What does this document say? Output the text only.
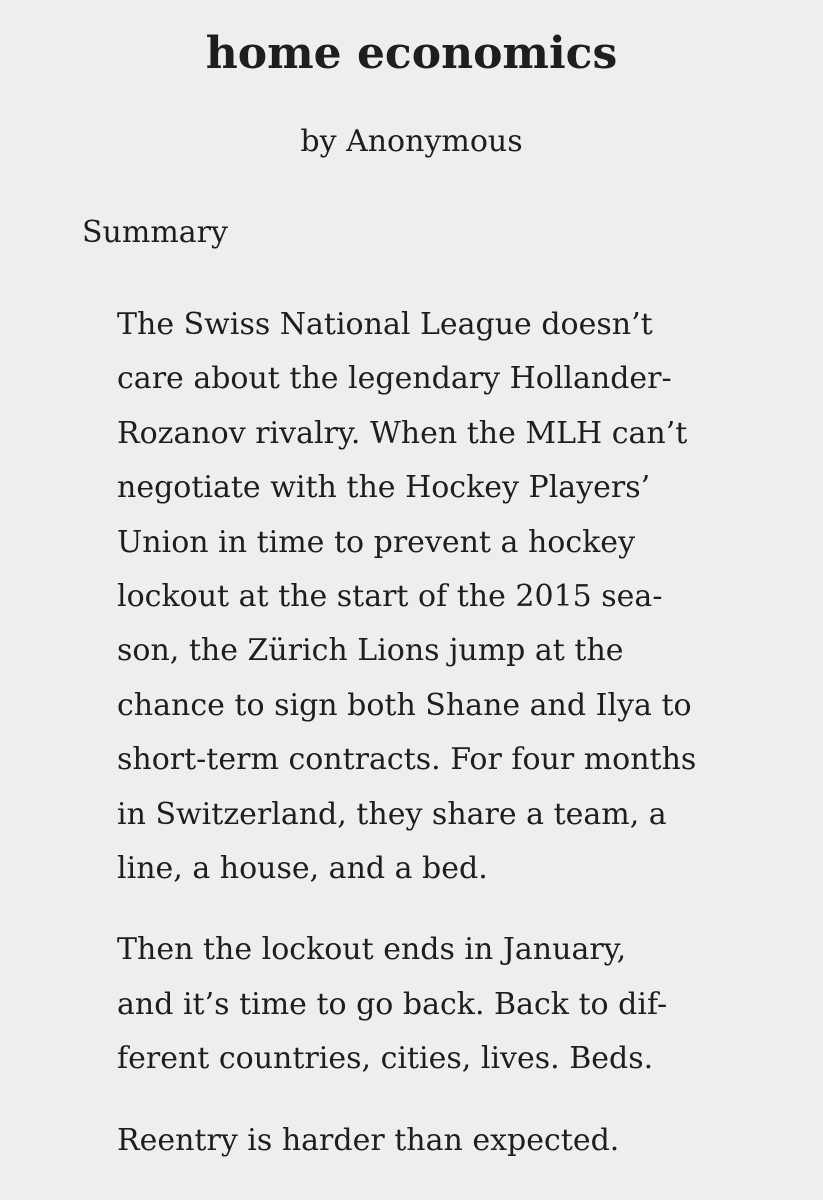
home economics

by Anonymous

Summary

The Swiss National League doesn’t
care about the legendary Hollander-
Rozanov rivalry. When the MLH can’t
negotiate with the Hockey Players’
Union in time to prevent a hockey
lockout at the start of the 2015 sea-
son, the Zürich Lions jump at the
chance to sign both Shane and Ilya to
short-term contracts. For four months
in Switzerland, they share a team, a
line, a house, and a bed.

Then the lockout ends in January,
and it’s time to go back. Back to dif-
ferent countries, cities, lives. Beds.

Reentry is harder than expected.
